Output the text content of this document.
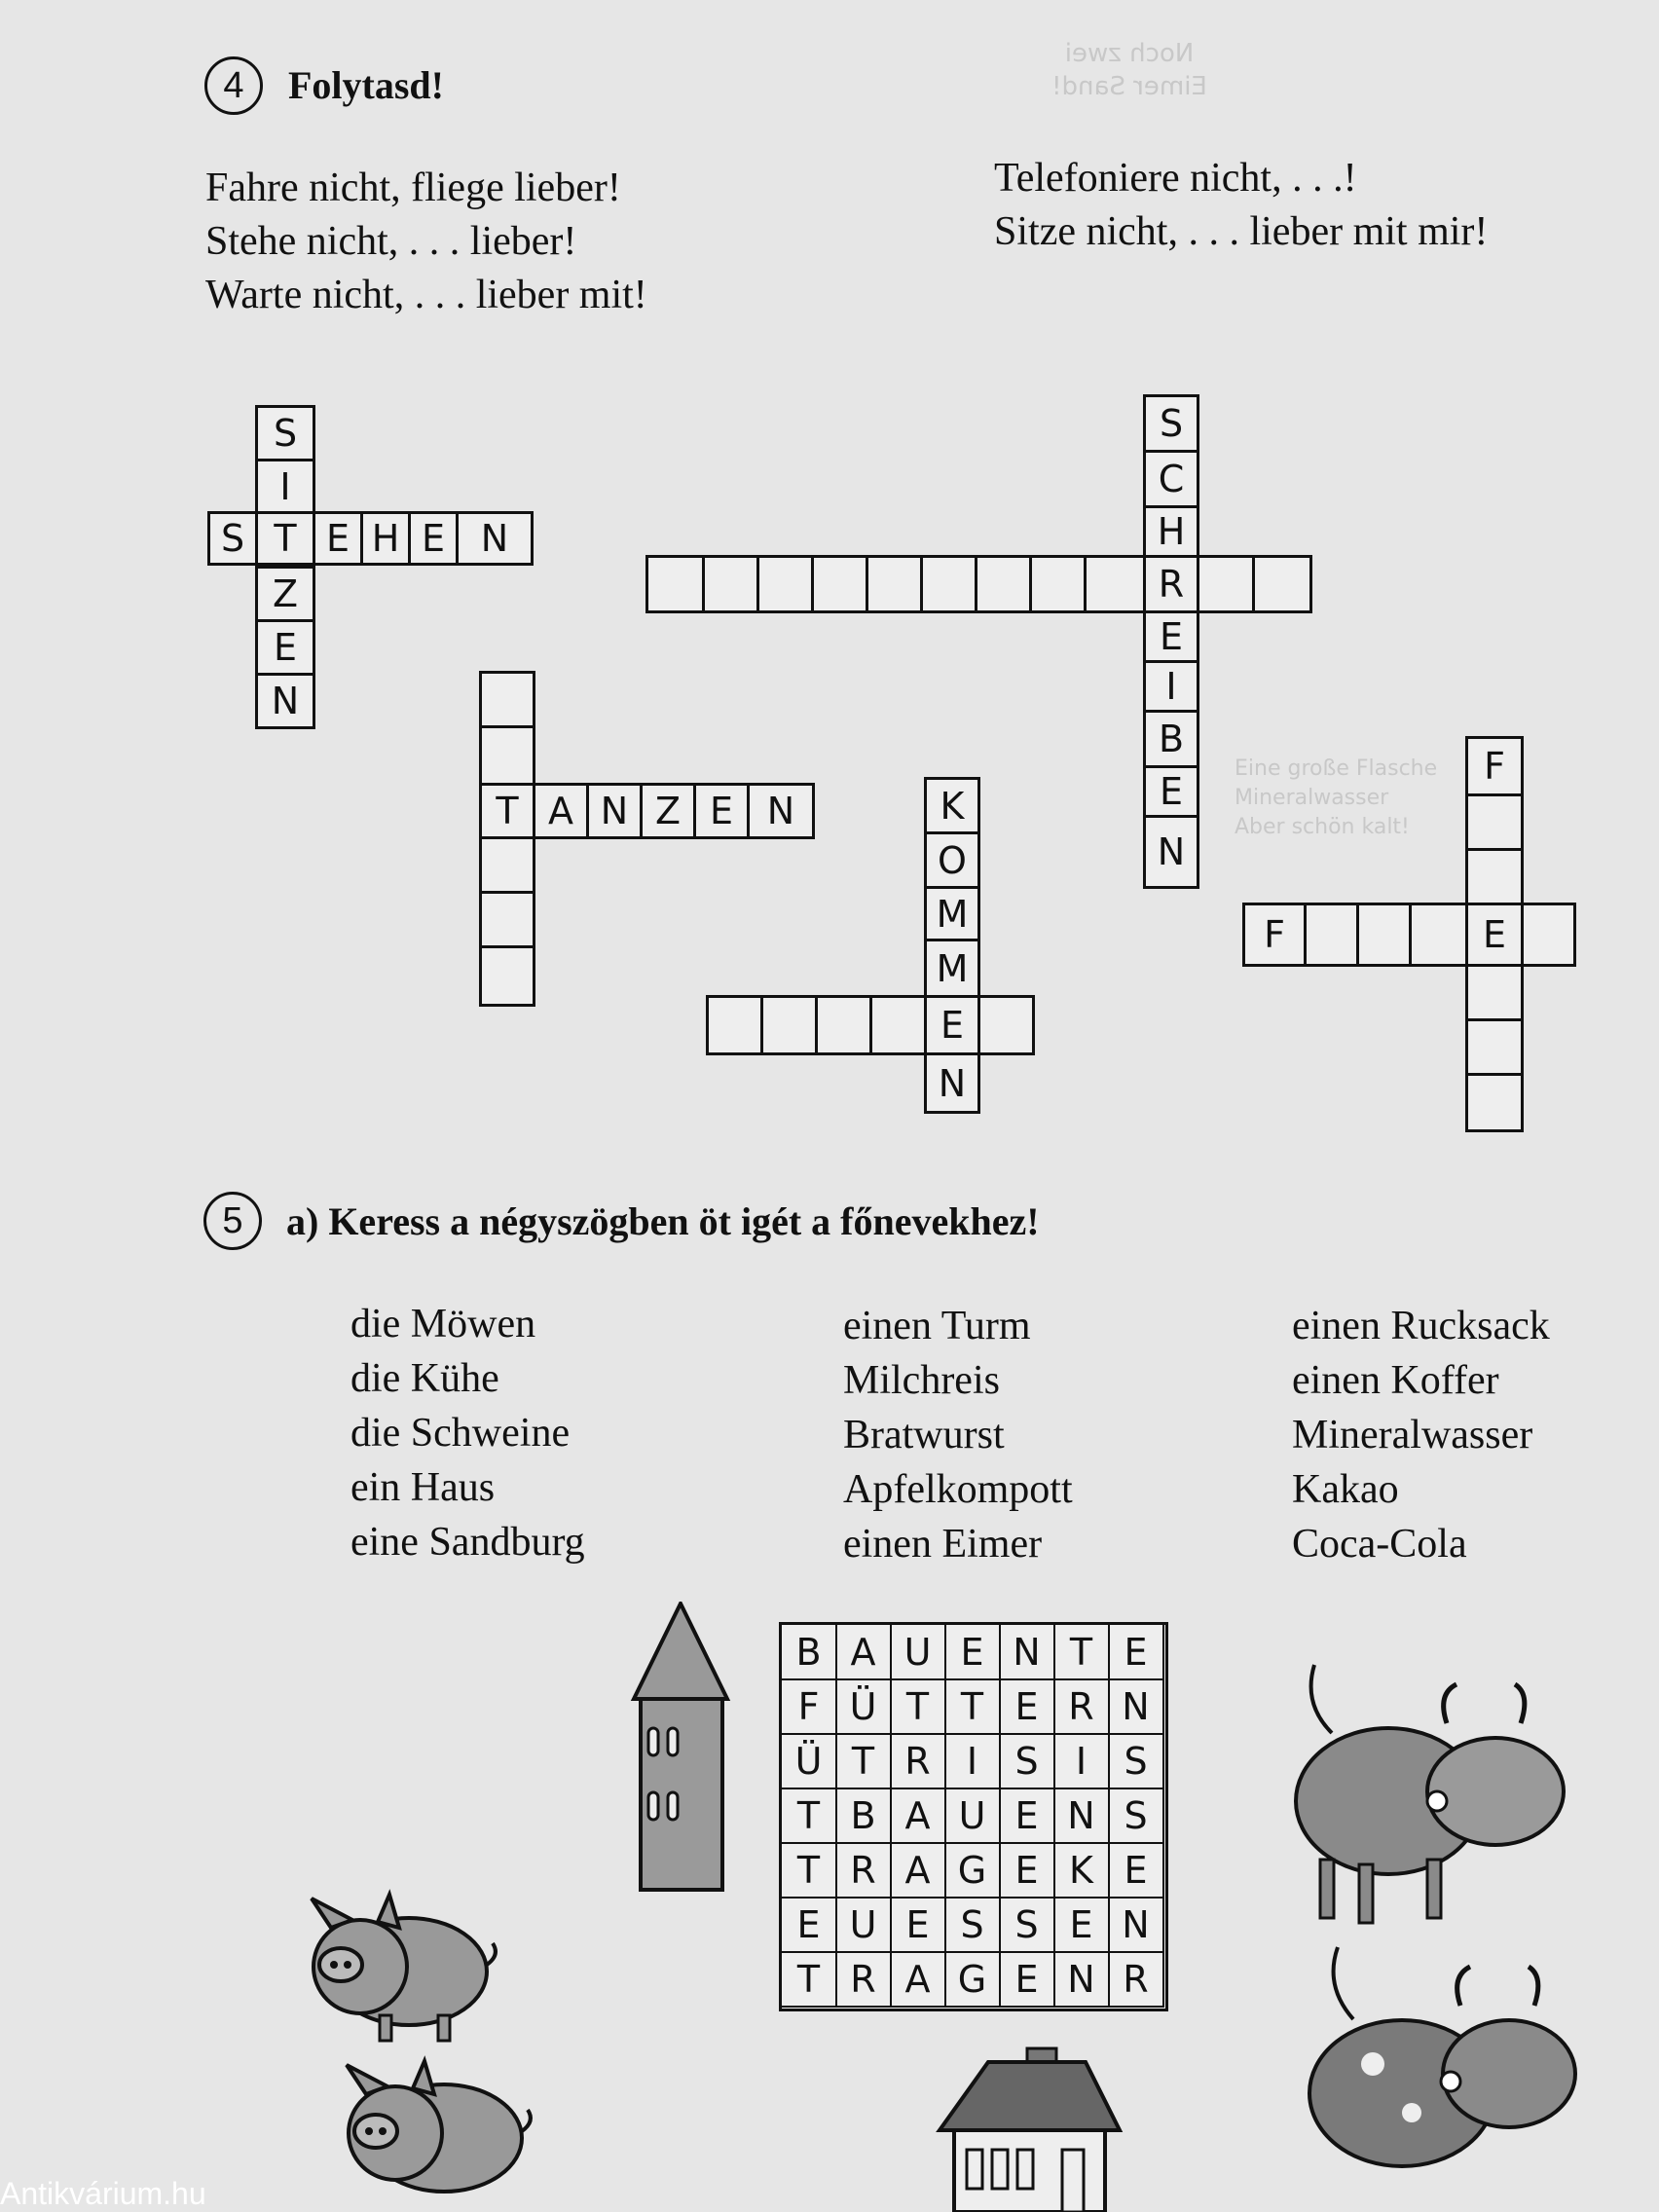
Noch zwei
Eimer Sand!
Eine große Flasche
Mineralwasser
Aber schön kalt!
4	Folytasd!
Fahre nicht, fliege lieber!
Stehe nicht, . . . lieber!
Warte nicht, . . . lieber mit!
Telefoniere nicht, . . .!
Sitze nicht, . . . lieber mit mir!
S
I
Z
E
N
S T E H E N
S
C
H
R
E
I
B
E
N
T A N Z E N	K
O
M
M
E
N
F
E
F
5	a) Keress a négyszögben öt igét a főnevekhez!
die Möwen
die Kühe
die Schweine
ein Haus
eine Sandburg
einen Turm
Milchreis
Bratwurst
Apfelkompott
einen Eimer
einen Rucksack
einen Koffer
Mineralwasser
Kakao
Coca-Cola
B A U E N T E
F Ü T T E R N
Ü T R I	S	I	S
T B A U E N S
T R A G E K E
E U E S S E N
T R A G E N R
Antikvárium.hu
